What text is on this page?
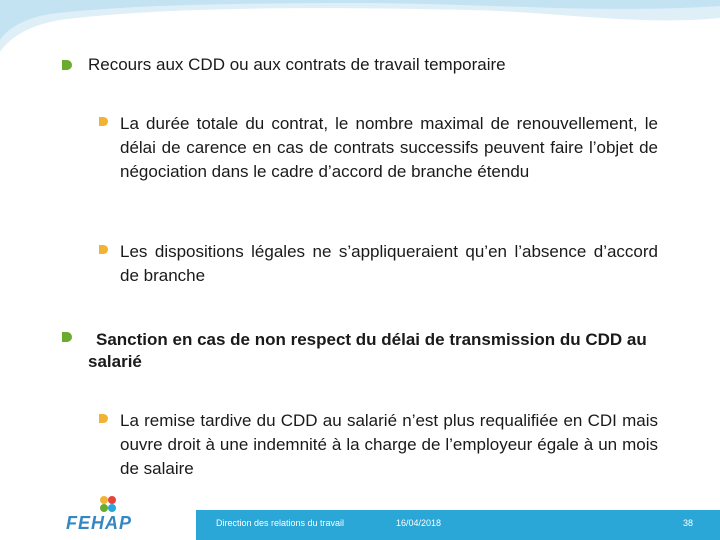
Recours aux CDD ou aux contrats de travail temporaire
La durée totale du contrat, le nombre maximal de renouvellement, le délai de carence en cas de contrats successifs peuvent faire l’objet de négociation dans le cadre d’accord de branche étendu
Les dispositions légales ne s’appliqueraient qu’en l’absence d’accord de branche
Sanction en cas de non respect du délai de transmission du CDD au salarié
La remise tardive du CDD au salarié n’est plus requalifiée en CDI mais ouvre droit à une indemnité à la charge de l’employeur égale à un mois de salaire
Direction des relations du travail	16/04/2018	38
FEHAP
